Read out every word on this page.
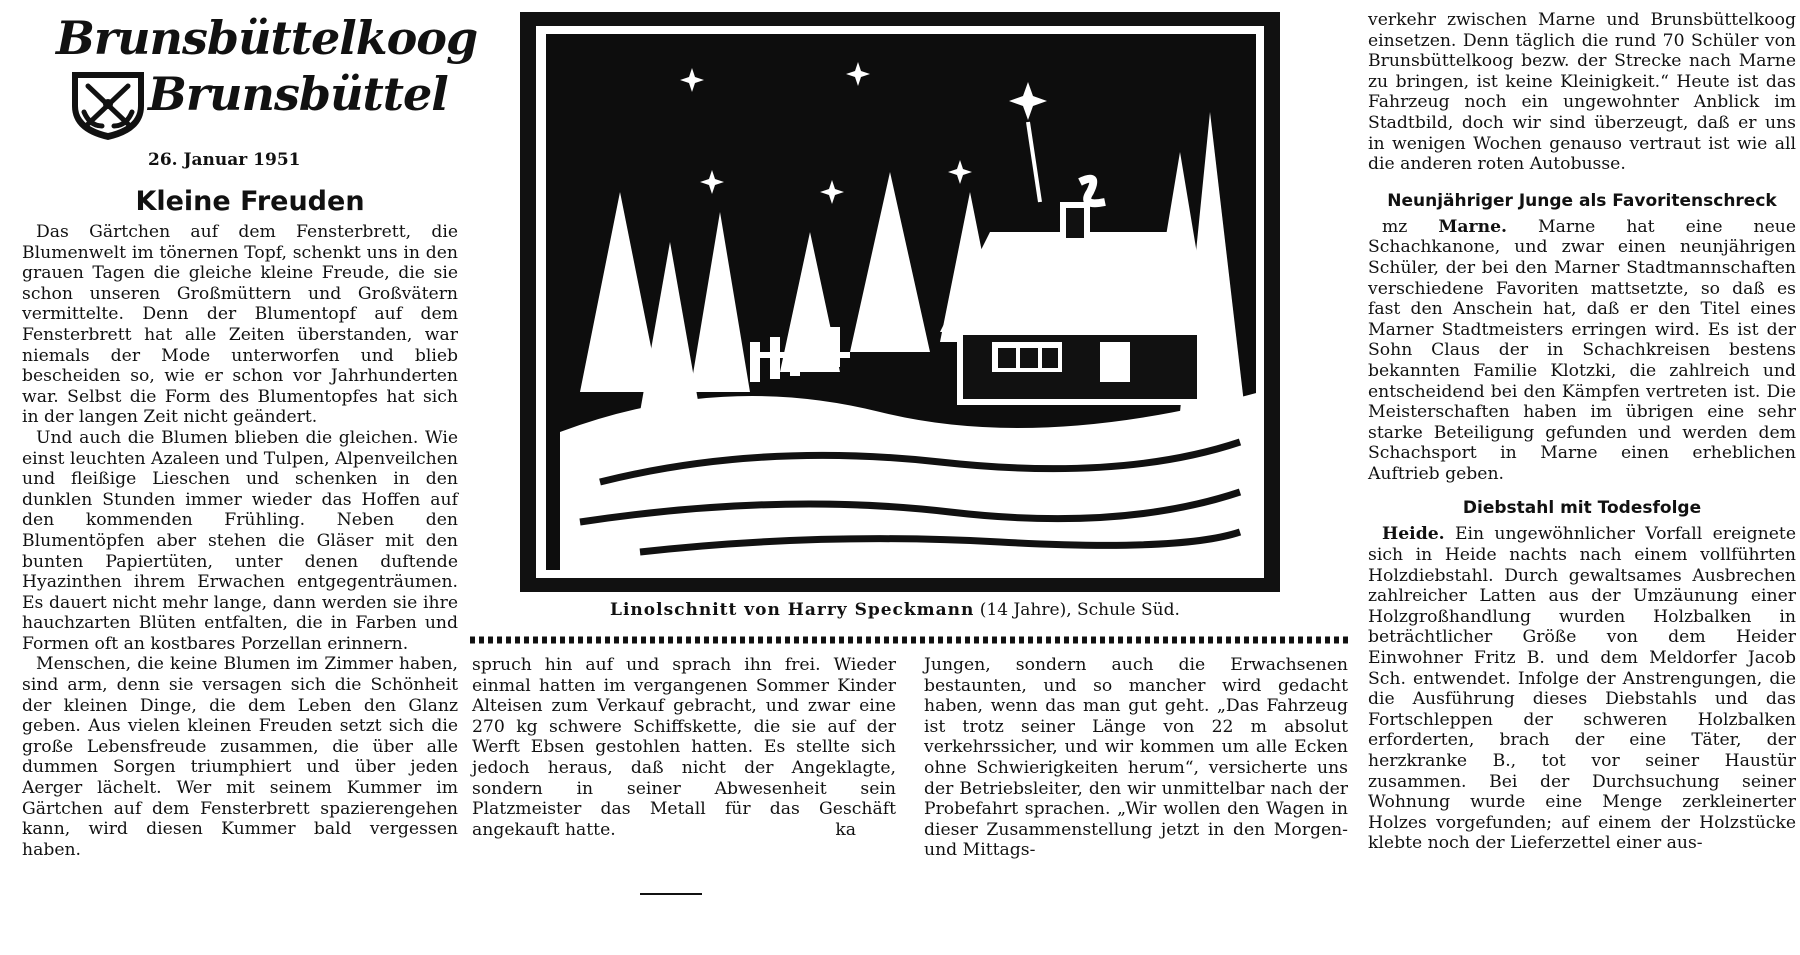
Brunsbüttelkoog
Brunsbüttel
26. Januar 1951
Kleine Freuden

Das Gärtchen auf dem Fensterbrett, die Blumenwelt im tönernen Topf, schenkt uns in den grauen Tagen die gleiche kleine Freude, die sie schon unseren Großmüttern und Großvätern vermittelte. Denn der Blumentopf auf dem Fensterbrett hat alle Zeiten überstanden, war niemals der Mode unterworfen und blieb bescheiden so, wie er schon vor Jahrhunderten war. Selbst die Form des Blumentopfes hat sich in der langen Zeit nicht geändert.

Und auch die Blumen blieben die gleichen. Wie einst leuchten Azaleen und Tulpen, Alpenveilchen und fleißige Lieschen und schenken in den dunklen Stunden immer wieder das Hoffen auf den kommenden Frühling. Neben den Blumentöpfen aber stehen die Gläser mit den bunten Papiertüten, unter denen duftende Hyazinthen ihrem Erwachen entgegenträumen. Es dauert nicht mehr lange, dann werden sie ihre hauchzarten Blüten entfalten, die in Farben und Formen oft an kostbares Porzellan erinnern.

Menschen, die keine Blumen im Zimmer haben, sind arm, denn sie versagen sich die Schönheit der kleinen Dinge, die dem Leben den Glanz geben. Aus vielen kleinen Freuden setzt sich die große Lebensfreude zusammen, die über alle dummen Sorgen triumphiert und über jeden Aerger lächelt. Wer mit seinem Kummer im Gärtchen auf dem Fensterbrett spazierengehen kann, wird diesen Kummer bald vergessen haben.

Linolschnitt von Harry Speckmann (14 Jahre), Schule Süd.

spruch hin auf und sprach ihn frei. Wieder einmal hatten im vergangenen Sommer Kinder Alteisen zum Verkauf gebracht, und zwar eine 270 kg schwere Schiffskette, die sie auf der Werft Ebsen gestohlen hatten. Es stellte sich jedoch heraus, daß nicht der Angeklagte, sondern in seiner Abwesenheit sein Platzmeister das Metall für das Geschäft angekauft hatte.	ka

Jungen, sondern auch die Erwachsenen bestaunten, und so mancher wird gedacht haben, wenn das man gut geht. „Das Fahrzeug ist trotz seiner Länge von 22 m absolut verkehrssicher, und wir kommen um alle Ecken ohne Schwierigkeiten herum“, versicherte uns der Betriebsleiter, den wir unmittelbar nach der Probefahrt sprachen. „Wir wollen den Wagen in dieser Zusammenstellung jetzt in den Morgen- und Mittags-

verkehr zwischen Marne und Brunsbüttelkoog einsetzen. Denn täglich die rund 70 Schüler von Brunsbüttelkoog bezw. der Strecke nach Marne zu bringen, ist keine Kleinigkeit.“ Heute ist das Fahrzeug noch ein ungewohnter Anblick im Stadtbild, doch wir sind überzeugt, daß er uns in wenigen Wochen genauso vertraut ist wie all die anderen roten Autobusse.

Neunjähriger Junge als Favoritenschreck

mz Marne. Marne hat eine neue Schachkanone, und zwar einen neunjährigen Schüler, der bei den Marner Stadtmannschaften verschiedene Favoriten mattsetzte, so daß es fast den Anschein hat, daß er den Titel eines Marner Stadtmeisters erringen wird. Es ist der Sohn Claus der in Schachkreisen bestens bekannten Familie Klotzki, die zahlreich und entscheidend bei den Kämpfen vertreten ist. Die Meisterschaften haben im übrigen eine sehr starke Beteiligung gefunden und werden dem Schachsport in Marne einen erheblichen Auftrieb geben.

Diebstahl mit Todesfolge

Heide. Ein ungewöhnlicher Vorfall ereignete sich in Heide nachts nach einem vollführten Holzdiebstahl. Durch gewaltsames Ausbrechen zahlreicher Latten aus der Umzäunung einer Holzgroßhandlung wurden Holzbalken in beträchtlicher Größe von dem Heider Einwohner Fritz B. und dem Meldorfer Jacob Sch. entwendet. Infolge der Anstrengungen, die die Ausführung dieses Diebstahls und das Fortschleppen der schweren Holzbalken erforderten, brach der eine Täter, der herzkranke B., tot vor seiner Haustür zusammen. Bei der Durchsuchung seiner Wohnung wurde eine Menge zerkleinerter Holzes vorgefunden; auf einem der Holzstücke klebte noch der Lieferzettel einer aus-
